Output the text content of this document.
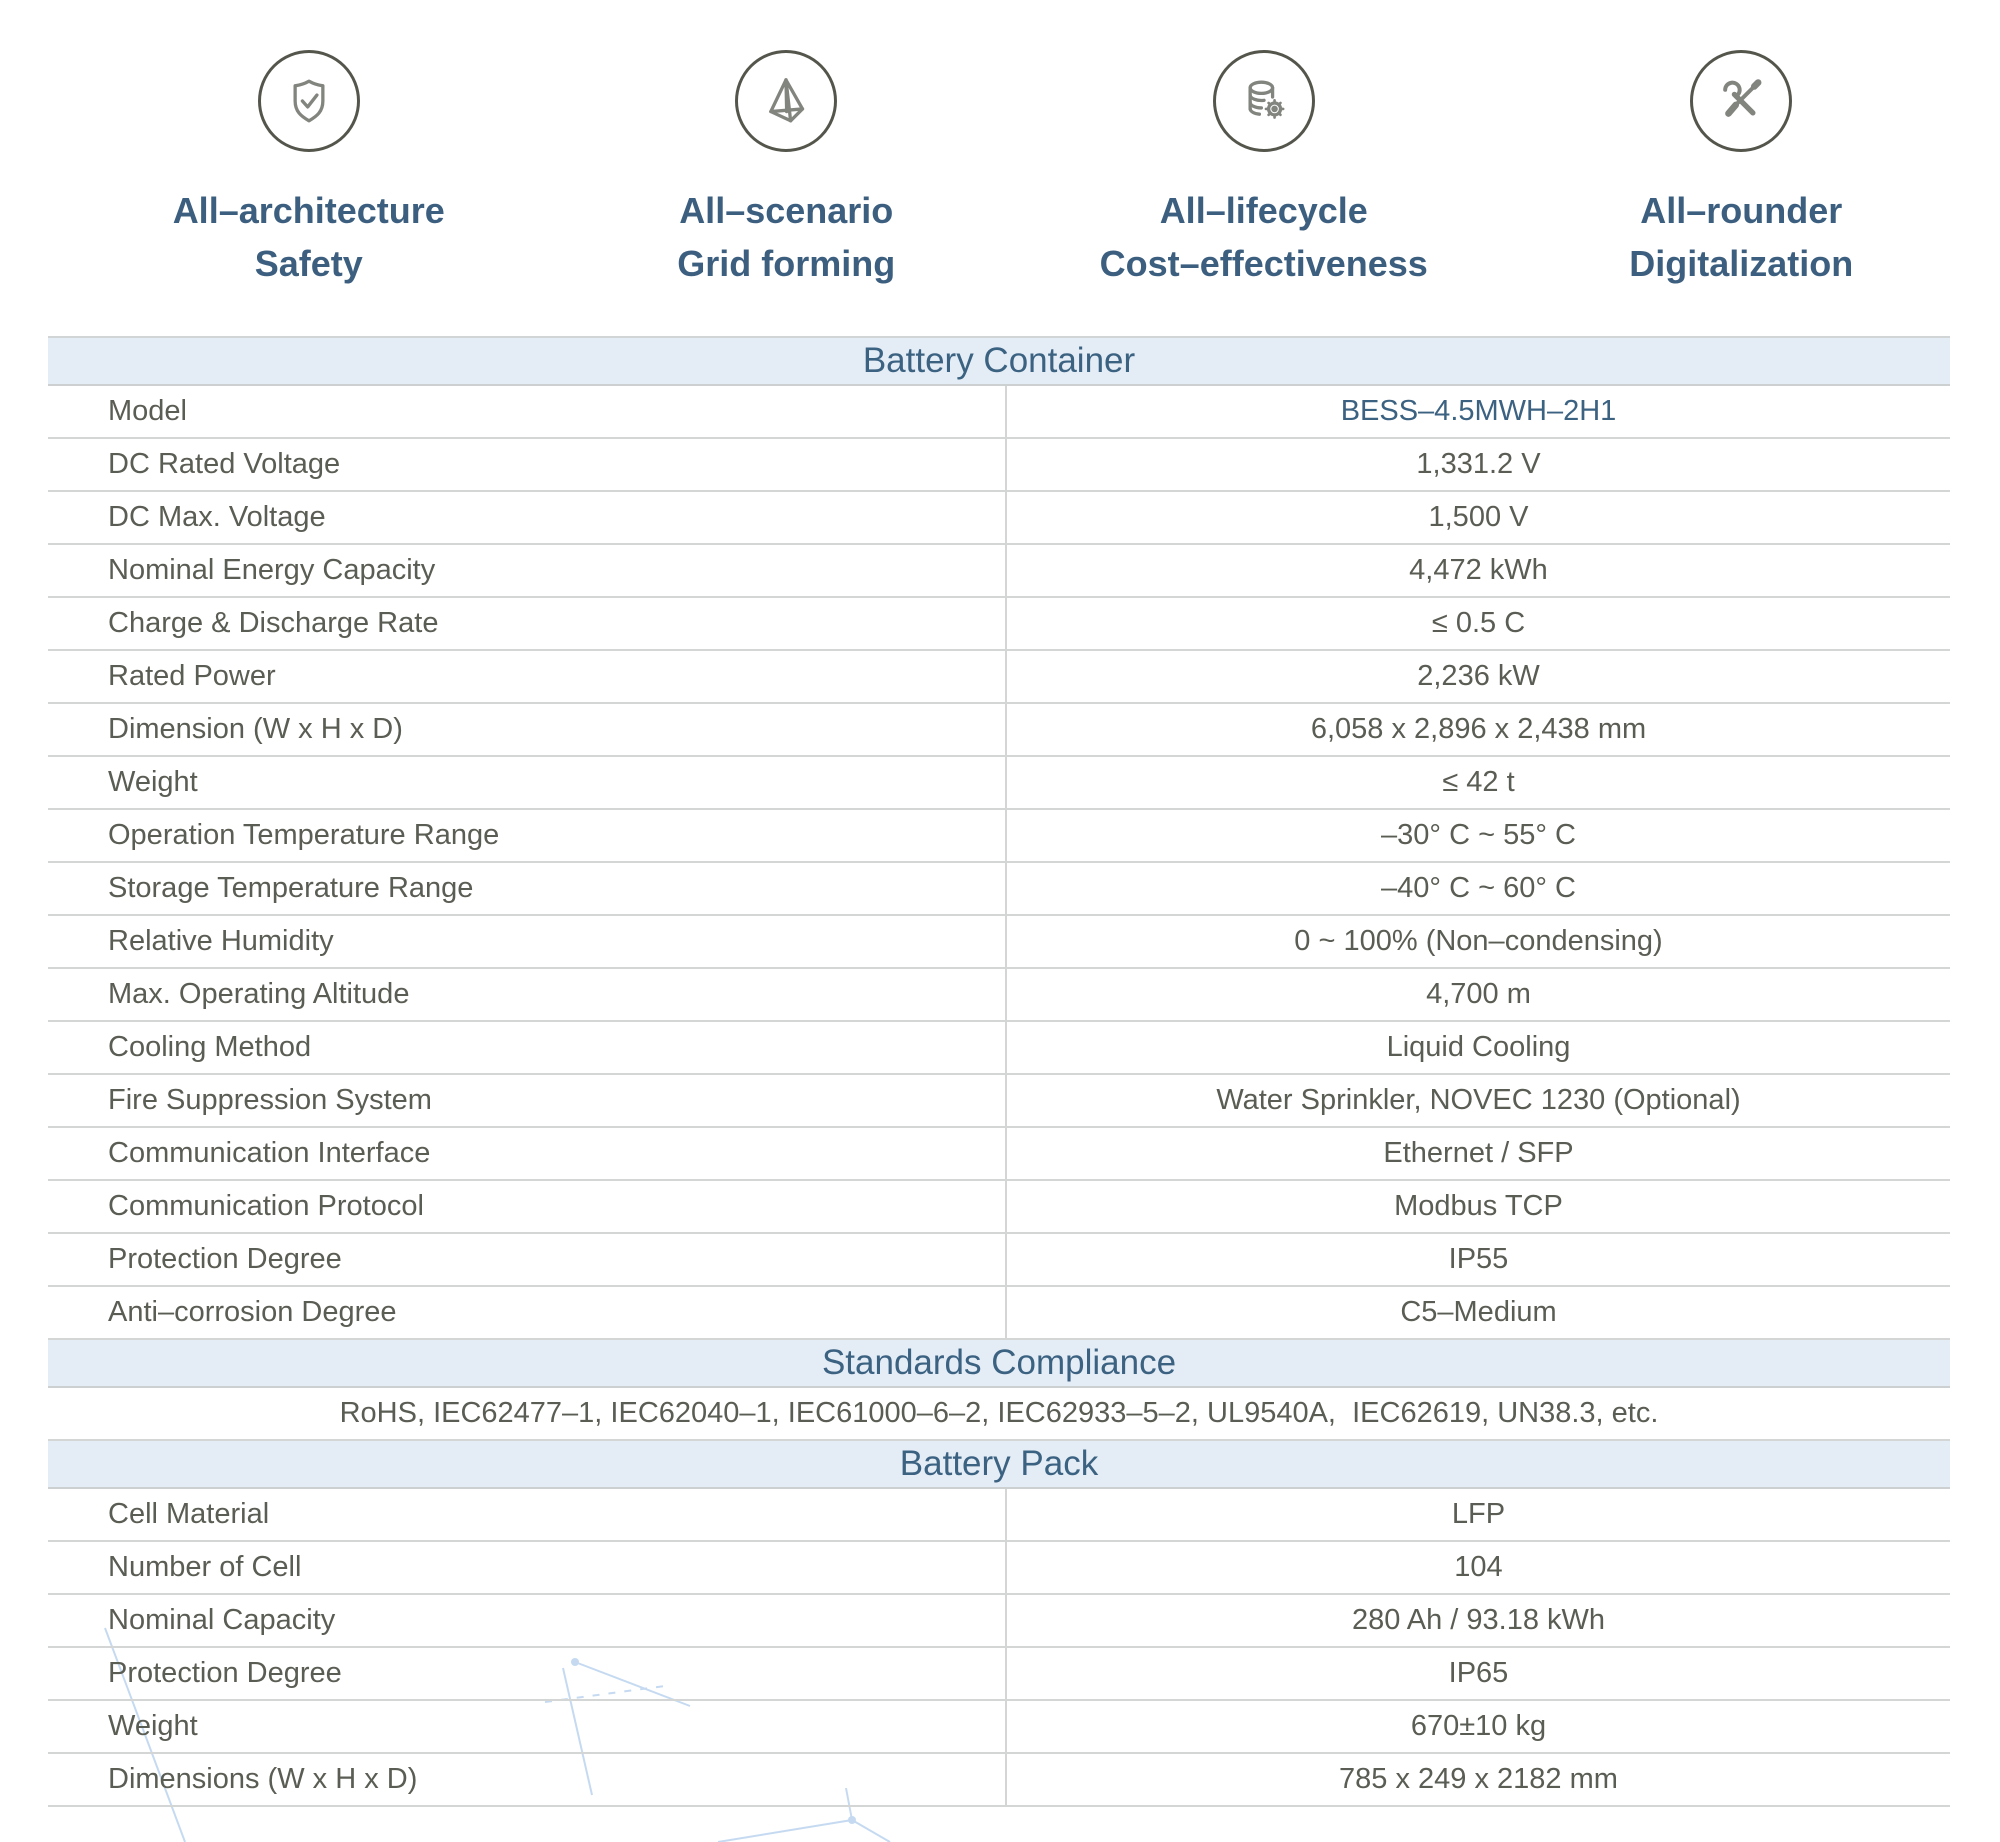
All–architecture
Safety
All–scenario
Grid forming
All–lifecycle
Cost–effectiveness
All–rounder
Digitalization
Battery Container
Model	BESS–4.5MWH–2H1
DC Rated Voltage	1,331.2 V
DC Max. Voltage	1,500 V
Nominal Energy Capacity	4,472 kWh
Charge & Discharge Rate	≤ 0.5 C
Rated Power	2,236 kW
Dimension (W x H x D)	6,058 x 2,896 x 2,438 mm
Weight	≤ 42 t
Operation Temperature Range	–30° C ~ 55° C
Storage Temperature Range	–40° C ~ 60° C
Relative Humidity	0 ~ 100% (Non–condensing)
Max. Operating Altitude	4,700 m
Cooling Method	Liquid Cooling
Fire Suppression System	Water Sprinkler, NOVEC 1230 (Optional)
Communication Interface	Ethernet / SFP
Communication Protocol	Modbus TCP
Protection Degree	IP55
Anti–corrosion Degree	C5–Medium
Standards Compliance
RoHS, IEC62477–1, IEC62040–1, IEC61000–6–2, IEC62933–5–2, UL9540A,  IEC62619, UN38.3, etc.
Battery Pack
Cell Material	LFP
Number of Cell	104
Nominal Capacity	280 Ah / 93.18 kWh
Protection Degree	IP65
Weight	670±10 kg
Dimensions (W x H x D)	785 x 249 x 2182 mm
